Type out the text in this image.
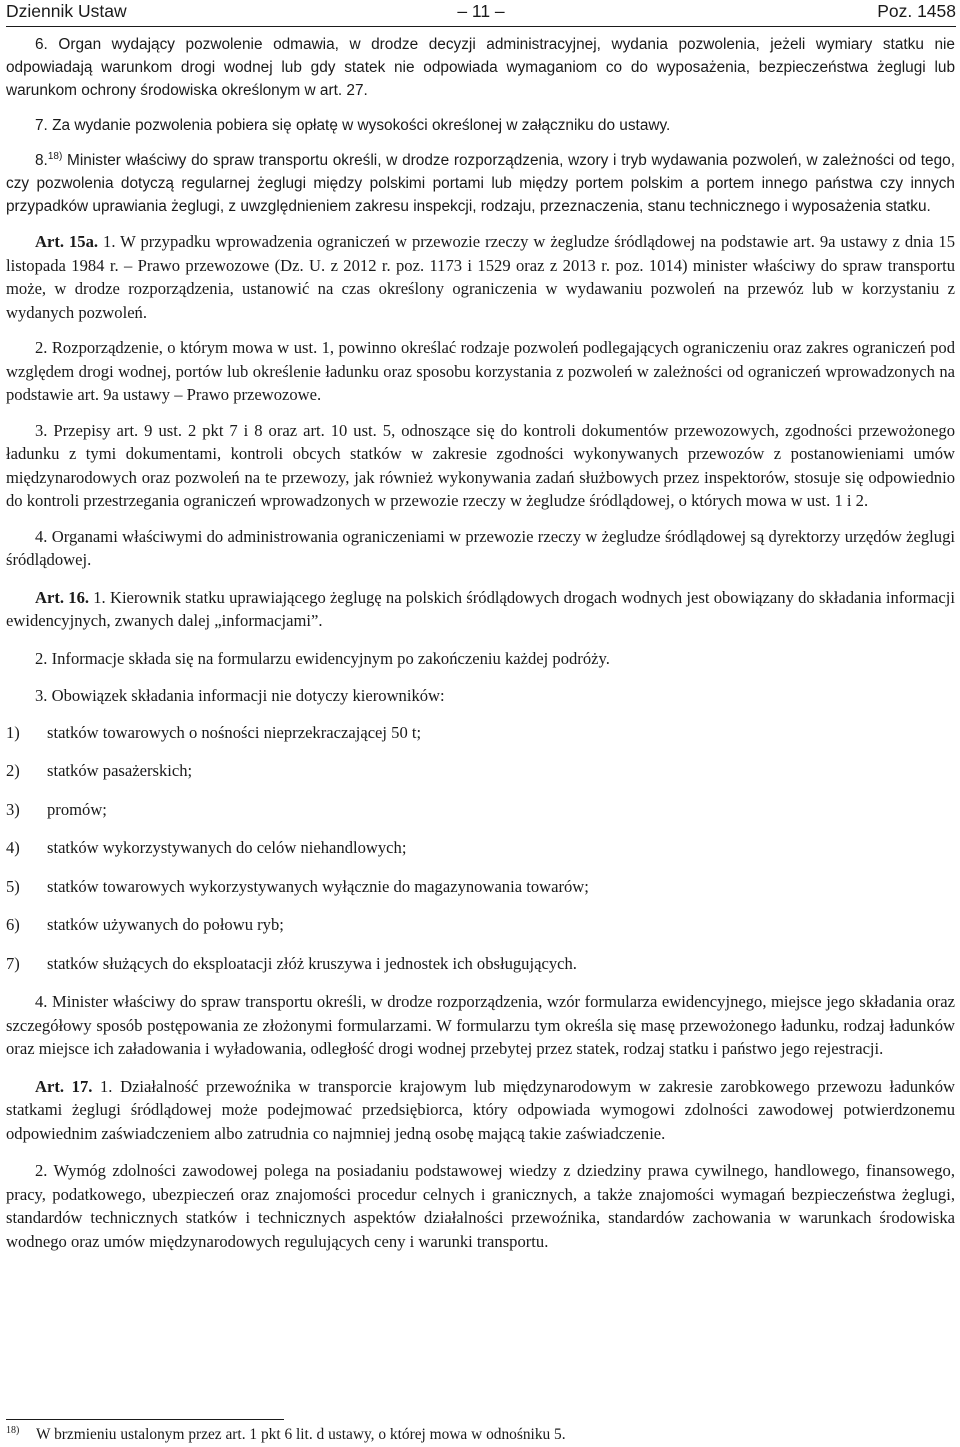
Dziennik Ustaw	– 11 –	Poz. 1458

6. Organ wydający pozwolenie odmawia, w drodze decyzji administracyjnej, wydania pozwolenia, jeżeli wymiary statku nie odpowiadają warunkom drogi wodnej lub gdy statek nie odpowiada wymaganiom co do wyposażenia, bezpieczeństwa żeglugi lub warunkom ochrony środowiska określonym w art. 27.

7. Za wydanie pozwolenia pobiera się opłatę w wysokości określonej w załączniku do ustawy.

8.$^{18)}$ Minister właściwy do spraw transportu określi, w drodze rozporządzenia, wzory i tryb wydawania pozwoleń, w zależności od tego, czy pozwolenia dotyczą regularnej żeglugi między polskimi portami lub między portem polskim a portem innego państwa czy innych przypadków uprawiania żeglugi, z uwzględnieniem zakresu inspekcji, rodzaju, przeznaczenia, stanu technicznego i wyposażenia statku.

Art. 15a. 1. W przypadku wprowadzenia ograniczeń w przewozie rzeczy w żegludze śródlądowej na podstawie art. 9a ustawy z dnia 15 listopada 1984 r. – Prawo przewozowe (Dz. U. z 2012 r. poz. 1173 i 1529 oraz z 2013 r. poz. 1014) minister właściwy do spraw transportu może, w drodze rozporządzenia, ustanowić na czas określony ograniczenia w wydawaniu pozwoleń na przewóz lub w korzystaniu z wydanych pozwoleń.

2. Rozporządzenie, o którym mowa w ust. 1, powinno określać rodzaje pozwoleń podlegających ograniczeniu oraz zakres ograniczeń pod względem drogi wodnej, portów lub określenie ładunku oraz sposobu korzystania z pozwoleń w zależności od ograniczeń wprowadzonych na podstawie art. 9a ustawy – Prawo przewozowe.

3. Przepisy art. 9 ust. 2 pkt 7 i 8 oraz art. 10 ust. 5, odnoszące się do kontroli dokumentów przewozowych, zgodności przewożonego ładunku z tymi dokumentami, kontroli obcych statków w zakresie zgodności wykonywanych przewozów z postanowieniami umów międzynarodowych oraz pozwoleń na te przewozy, jak również wykonywania zadań służbowych przez inspektorów, stosuje się odpowiednio do kontroli przestrzegania ograniczeń wprowadzonych w przewozie rzeczy w żegludze śródlądowej, o których mowa w ust. 1 i 2.

4. Organami właściwymi do administrowania ograniczeniami w przewozie rzeczy w żegludze śródlądowej są dyrektorzy urzędów żeglugi śródlądowej.

Art. 16. 1. Kierownik statku uprawiającego żeglugę na polskich śródlądowych drogach wodnych jest obowiązany do składania informacji ewidencyjnych, zwanych dalej „informacjami”.

2. Informacje składa się na formularzu ewidencyjnym po zakończeniu każdej podróży.

3. Obowiązek składania informacji nie dotyczy kierowników:

1) statków towarowych o nośności nieprzekraczającej 50 t;
2) statków pasażerskich;
3) promów;
4) statków wykorzystywanych do celów niehandlowych;
5) statków towarowych wykorzystywanych wyłącznie do magazynowania towarów;
6) statków używanych do połowu ryb;
7) statków służących do eksploatacji złóż kruszywa i jednostek ich obsługujących.

4. Minister właściwy do spraw transportu określi, w drodze rozporządzenia, wzór formularza ewidencyjnego, miejsce jego składania oraz szczegółowy sposób postępowania ze złożonymi formularzami. W formularzu tym określa się masę przewożonego ładunku, rodzaj ładunków oraz miejsce ich załadowania i wyładowania, odległość drogi wodnej przebytej przez statek, rodzaj statku i państwo jego rejestracji.

Art. 17. 1. Działalność przewoźnika w transporcie krajowym lub międzynarodowym w zakresie zarobkowego przewozu ładunków statkami żeglugi śródlądowej może podejmować przedsiębiorca, który odpowiada wymogowi zdolności zawodowej potwierdzonemu odpowiednim zaświadczeniem albo zatrudnia co najmniej jedną osobę mającą takie zaświadczenie.

2. Wymóg zdolności zawodowej polega na posiadaniu podstawowej wiedzy z dziedziny prawa cywilnego, handlowego, finansowego, pracy, podatkowego, ubezpieczeń oraz znajomości procedur celnych i granicznych, a także znajomości wymagań bezpieczeństwa żeglugi, standardów technicznych statków i technicznych aspektów działalności przewoźnika, standardów zachowania w warunkach środowiska wodnego oraz umów międzynarodowych regulujących ceny i warunki transportu.

18) W brzmieniu ustalonym przez art. 1 pkt 6 lit. d ustawy, o której mowa w odnośniku 5.
